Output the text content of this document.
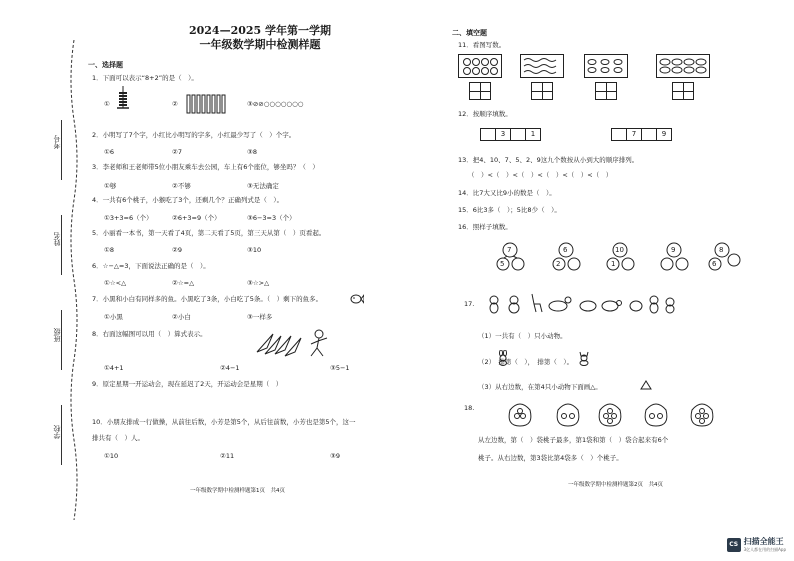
考号
姓名
班级
学校
2024—2025 学年第一学期
一年级数学期中检测样题
一、选择题
1．下面可以表示“8+2”的是（　）。
①	②	③⊘⊘○○○○○○○
2．小明写了7个字，小红比小明写的字多，小红最少写了（　）个字。
①6	②7	③8
3．李老师和王老师带5位小朋友乘车去公园，车上有6个座位，够坐吗？（　）
①够	②不够	③无法确定
4．一共有6个桃子，小猴吃了3个，还剩几个？正确列式是（　）。
①3+3=6（个）	②6+3=9（个）	③6−3=3（个）
5．小丽看一本书，第一天看了4页，第二天看了5页，第三天从第（　）页看起。
①8	②9	③10
6．☆−△=3，下面说法正确的是（　）。
①☆<△	②☆=△	③☆>△
7．小黑和小白有同样多的鱼。小黑吃了3条，小白吃了5条。（　）剩下的鱼多。
①小黑	②小白	③一样多
8．右面这幅图可以用（　）算式表示。
①4+1	②4−1	③5−1
9．原定星期一开运动会，现在延迟了2天，开运动会是星期（　）
10．小朋友排成一行做操，从前往后数，小芳是第5个，从后往前数，小芳也是第5个，这一
排共有（　）人。
①10	②11	③9
一年级数学期中检测样题第1页　共4页
二、填空题
11．看图写数。
12．按顺序填数。
3	1	7	9
13．把4、10、7、5、2、9这九个数按从小到大的顺序排列。
（　）<（　）<（　）<（　）<（　）<（　）
14．比7大又比9小的数是（　）。
15．6比3多（　）；5比8少（　）。
16．照样子填数。
7
5
6
2
10
1
9	8
6
17.
（1）一共有（　）只小动物。
（2）　排第（　），　排第（　）。
（3）从右边数，在第4只小动物下面画△。
18.
从左边数，第（　）袋桃子最多，第1袋和第（　）袋合起来有6个
桃子。从右边数，第3袋比第4袋多（　）个桃子。
一年级数学期中检测样题第2页　共4页
CS 扫描全能王
3亿人都在用的扫描App
